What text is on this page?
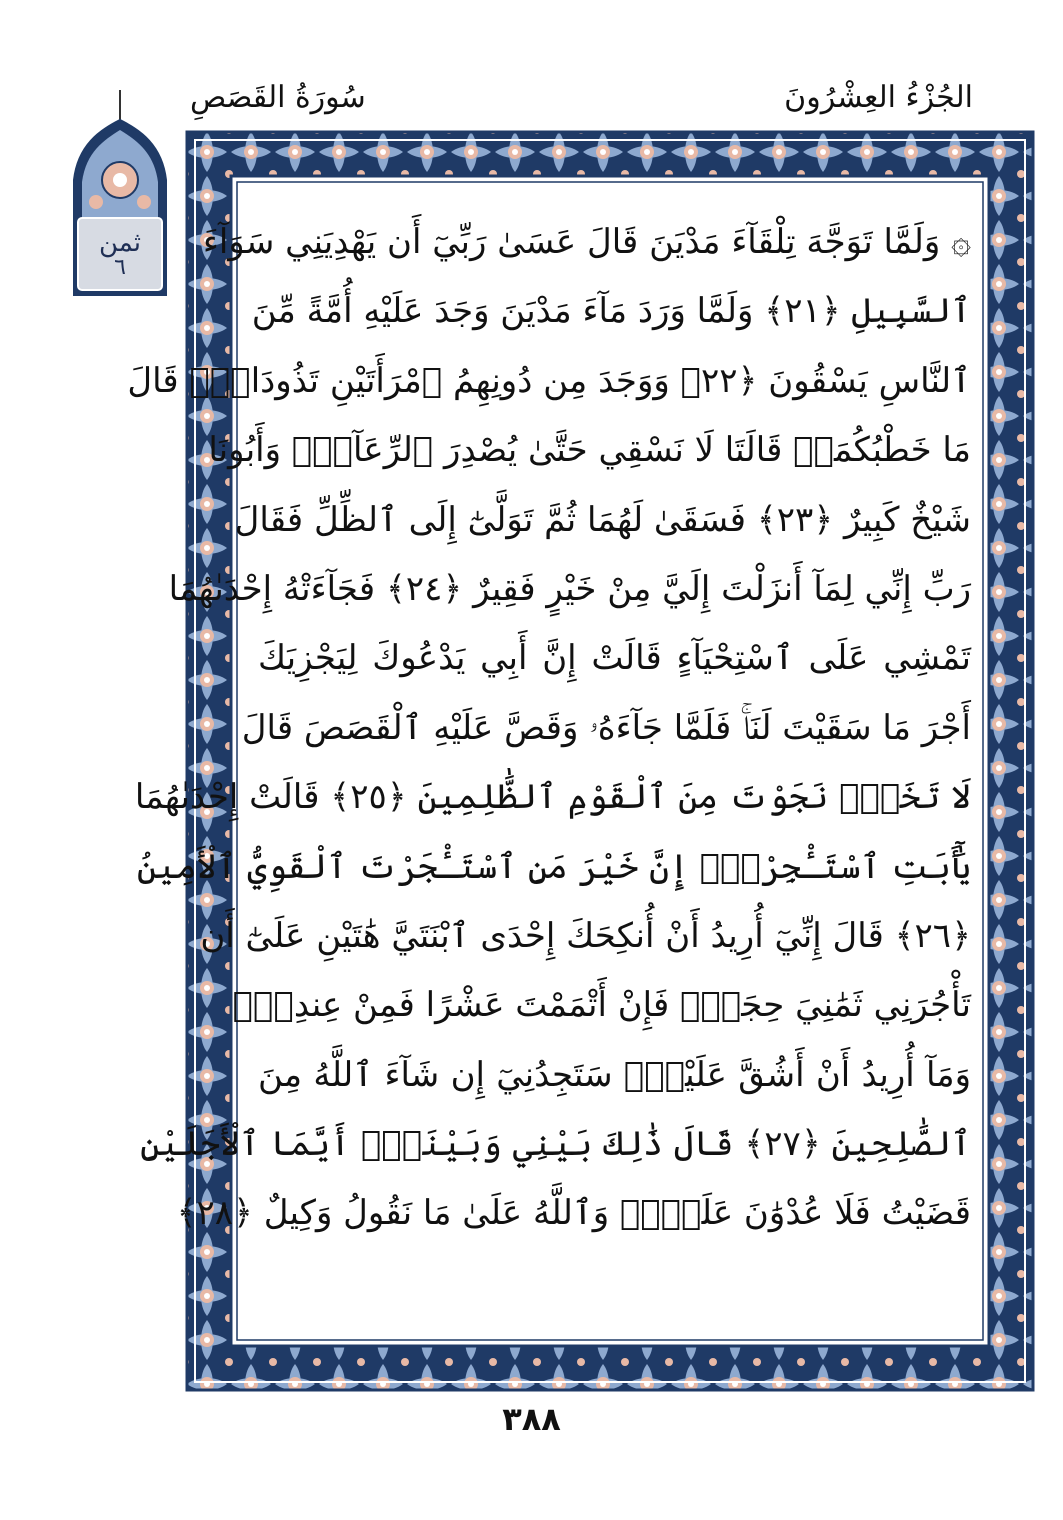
الجُزْءُ العِشْرُونَ
سُورَةُ القَصَصِ
ثمن
٦
۞ وَلَمَّا تَوَجَّهَ تِلْقَآءَ مَدْيَنَ قَالَ عَسَىٰ رَبِّيٓ أَن يَهْدِيَنِي سَوَآءَ
ٱلسَّبِيلِ ﴿٢١﴾ وَلَمَّا وَرَدَ مَآءَ مَدْيَنَ وَجَدَ عَلَيْهِ أُمَّةً مِّنَ
ٱلنَّاسِ يَسْقُونَ ﴿٢٢﴾ وَوَجَدَ مِن دُونِهِمُ ٱمْرَأَتَيْنِ تَذُودَانِۖ قَالَ
مَا خَطْبُكُمَاۖ قَالَتَا لَا نَسْقِي حَتَّىٰ يُصْدِرَ ٱلرِّعَآءُۖ وَأَبُونَا
شَيْخٌ كَبِيرٌ ﴿٢٣﴾ فَسَقَىٰ لَهُمَا ثُمَّ تَوَلَّىٰٓ إِلَى ٱلظِّلِّ فَقَالَ
رَبِّ إِنِّي لِمَآ أَنزَلْتَ إِلَيَّ مِنْ خَيْرٍ فَقِيرٌ ﴿٢٤﴾ فَجَآءَتْهُ إِحْدَىٰهُمَا
تَمْشِي عَلَى ٱسْتِحْيَآءٍ قَالَتْ إِنَّ أَبِي يَدْعُوكَ لِيَجْزِيَكَ
أَجْرَ مَا سَقَيْتَ لَنَاۚ فَلَمَّا جَآءَهُۥ وَقَصَّ عَلَيْهِ ٱلْقَصَصَ قَالَ
لَا تَخَفْۖ نَجَوْتَ مِنَ ٱلْقَوْمِ ٱلظَّٰلِمِينَ ﴿٢٥﴾ قَالَتْ إِحْدَىٰهُمَا
يَٰٓأَبَتِ ٱسْتَـْٔجِرْهُۖ إِنَّ خَيْرَ مَنِ ٱسْتَـْٔجَرْتَ ٱلْقَوِيُّ ٱلْأَمِينُ
﴿٢٦﴾ قَالَ إِنِّيٓ أُرِيدُ أَنْ أُنكِحَكَ إِحْدَى ٱبْنَتَيَّ هَٰتَيْنِ عَلَىٰٓ أَن
تَأْجُرَنِي ثَمَٰنِيَ حِجَجٍۖ فَإِنْ أَتْمَمْتَ عَشْرًا فَمِنْ عِندِكَۖ
وَمَآ أُرِيدُ أَنْ أَشُقَّ عَلَيْكَۚ سَتَجِدُنِيٓ إِن شَآءَ ٱللَّهُ مِنَ
ٱلصَّٰلِحِينَ ﴿٢٧﴾ قَالَ ذَٰلِكَ بَيْنِي وَبَيْنَكَۖ أَيَّمَا ٱلْأَجَلَيْنِ
قَضَيْتُ فَلَا عُدْوَٰنَ عَلَيَّۖ وَٱللَّهُ عَلَىٰ مَا نَقُولُ وَكِيلٌ ﴿٢٨﴾
٣٨٨
